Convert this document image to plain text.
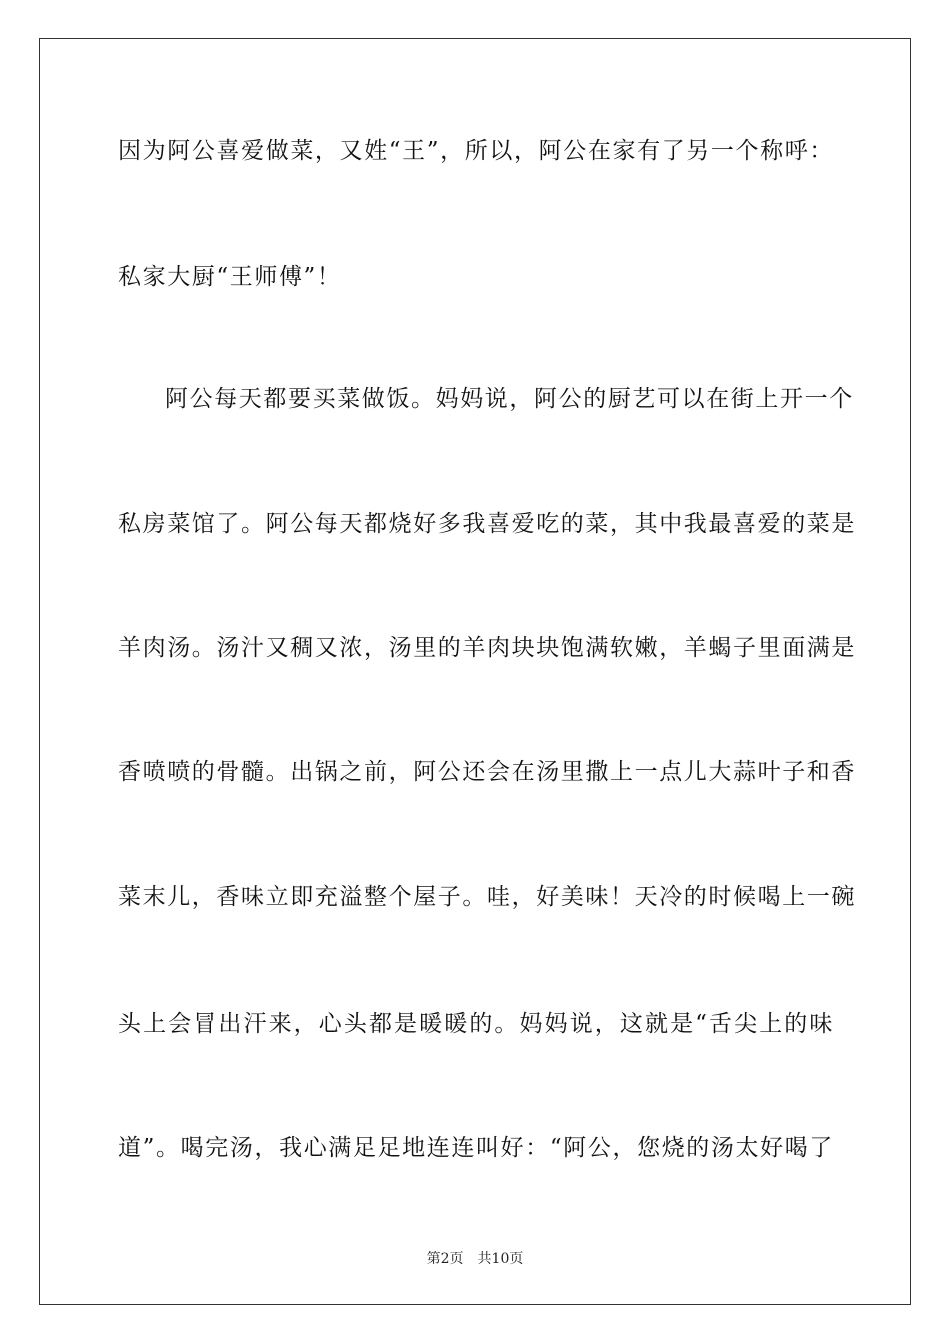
因为阿公喜爱做菜，又姓“王”，所以，阿公在家有了另一个称呼：
私家大厨“王师傅”！
阿公每天都要买菜做饭。妈妈说，阿公的厨艺可以在街上开一个
私房菜馆了。阿公每天都烧好多我喜爱吃的菜，其中我最喜爱的菜是
羊肉汤。汤汁又稠又浓，汤里的羊肉块块饱满软嫩，羊蝎子里面满是
香喷喷的骨髓。出锅之前，阿公还会在汤里撒上一点儿大蒜叶子和香
菜末儿，香味立即充溢整个屋子。哇，好美味！天冷的时候喝上一碗
头上会冒出汗来，心头都是暖暖的。妈妈说，这就是“舌尖上的味
道”。喝完汤，我心满足足地连连叫好：“阿公，您烧的汤太好喝了
第2页 共10页
